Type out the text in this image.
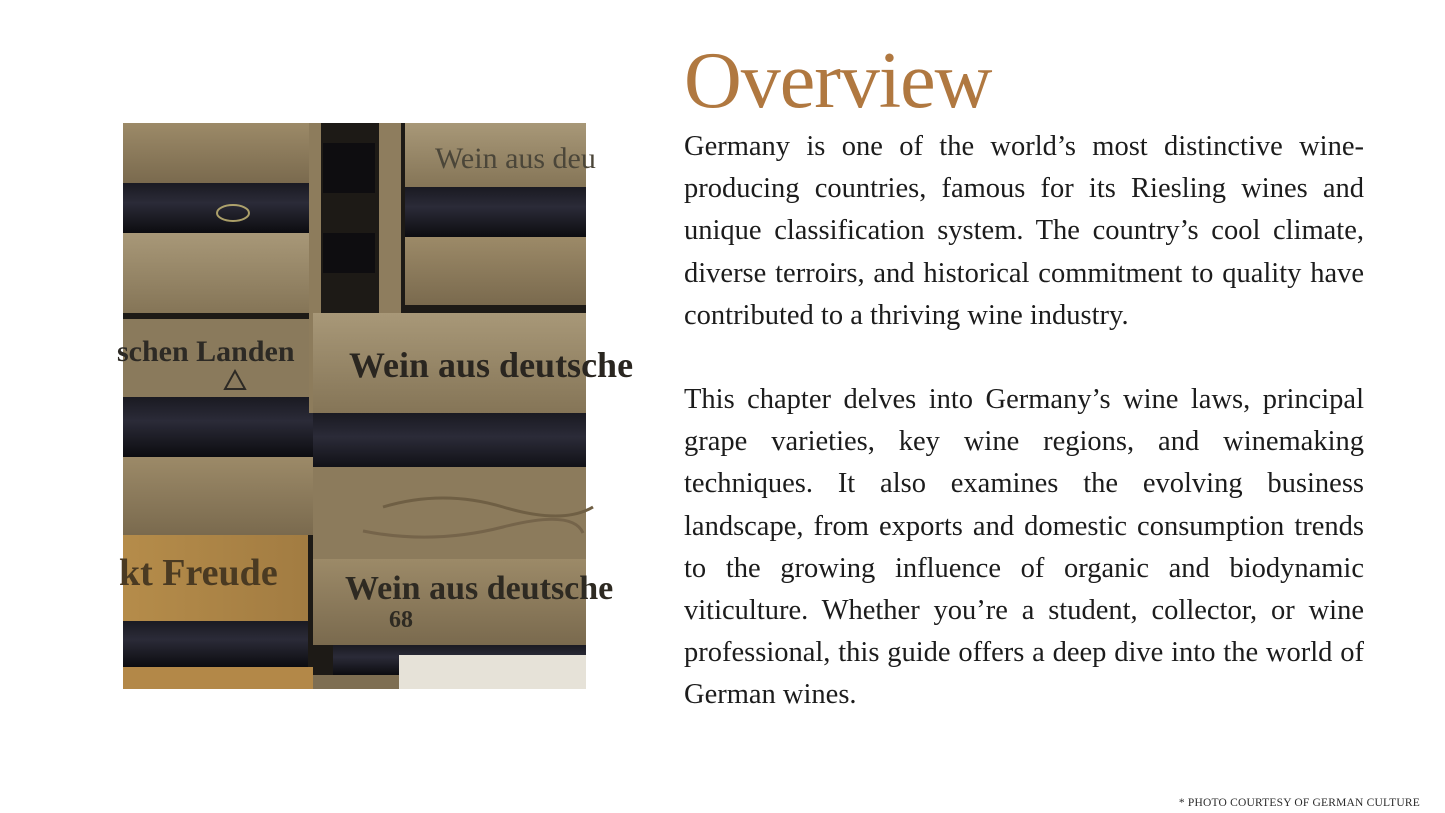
schen Landen
kt Freude
Wein aus deu
Wein aus deutsche
Wein aus deutsche
68
Overview

Germany is one of the world’s most distinctive wine-producing countries, famous for its Riesling wines and unique classification system. The country’s cool climate, diverse terroirs, and historical commitment to quality have contributed to a thriving wine industry.

This chapter delves into Germany’s wine laws, principal grape varieties, key wine regions, and winemaking techniques. It also examines the evolving business landscape, from exports and domestic consumption trends to the growing influence of organic and biodynamic viticulture. Whether you’re a student, collector, or wine professional, this guide offers a deep dive into the world of German wines.

* PHOTO COURTESY OF GERMAN CULTURE
